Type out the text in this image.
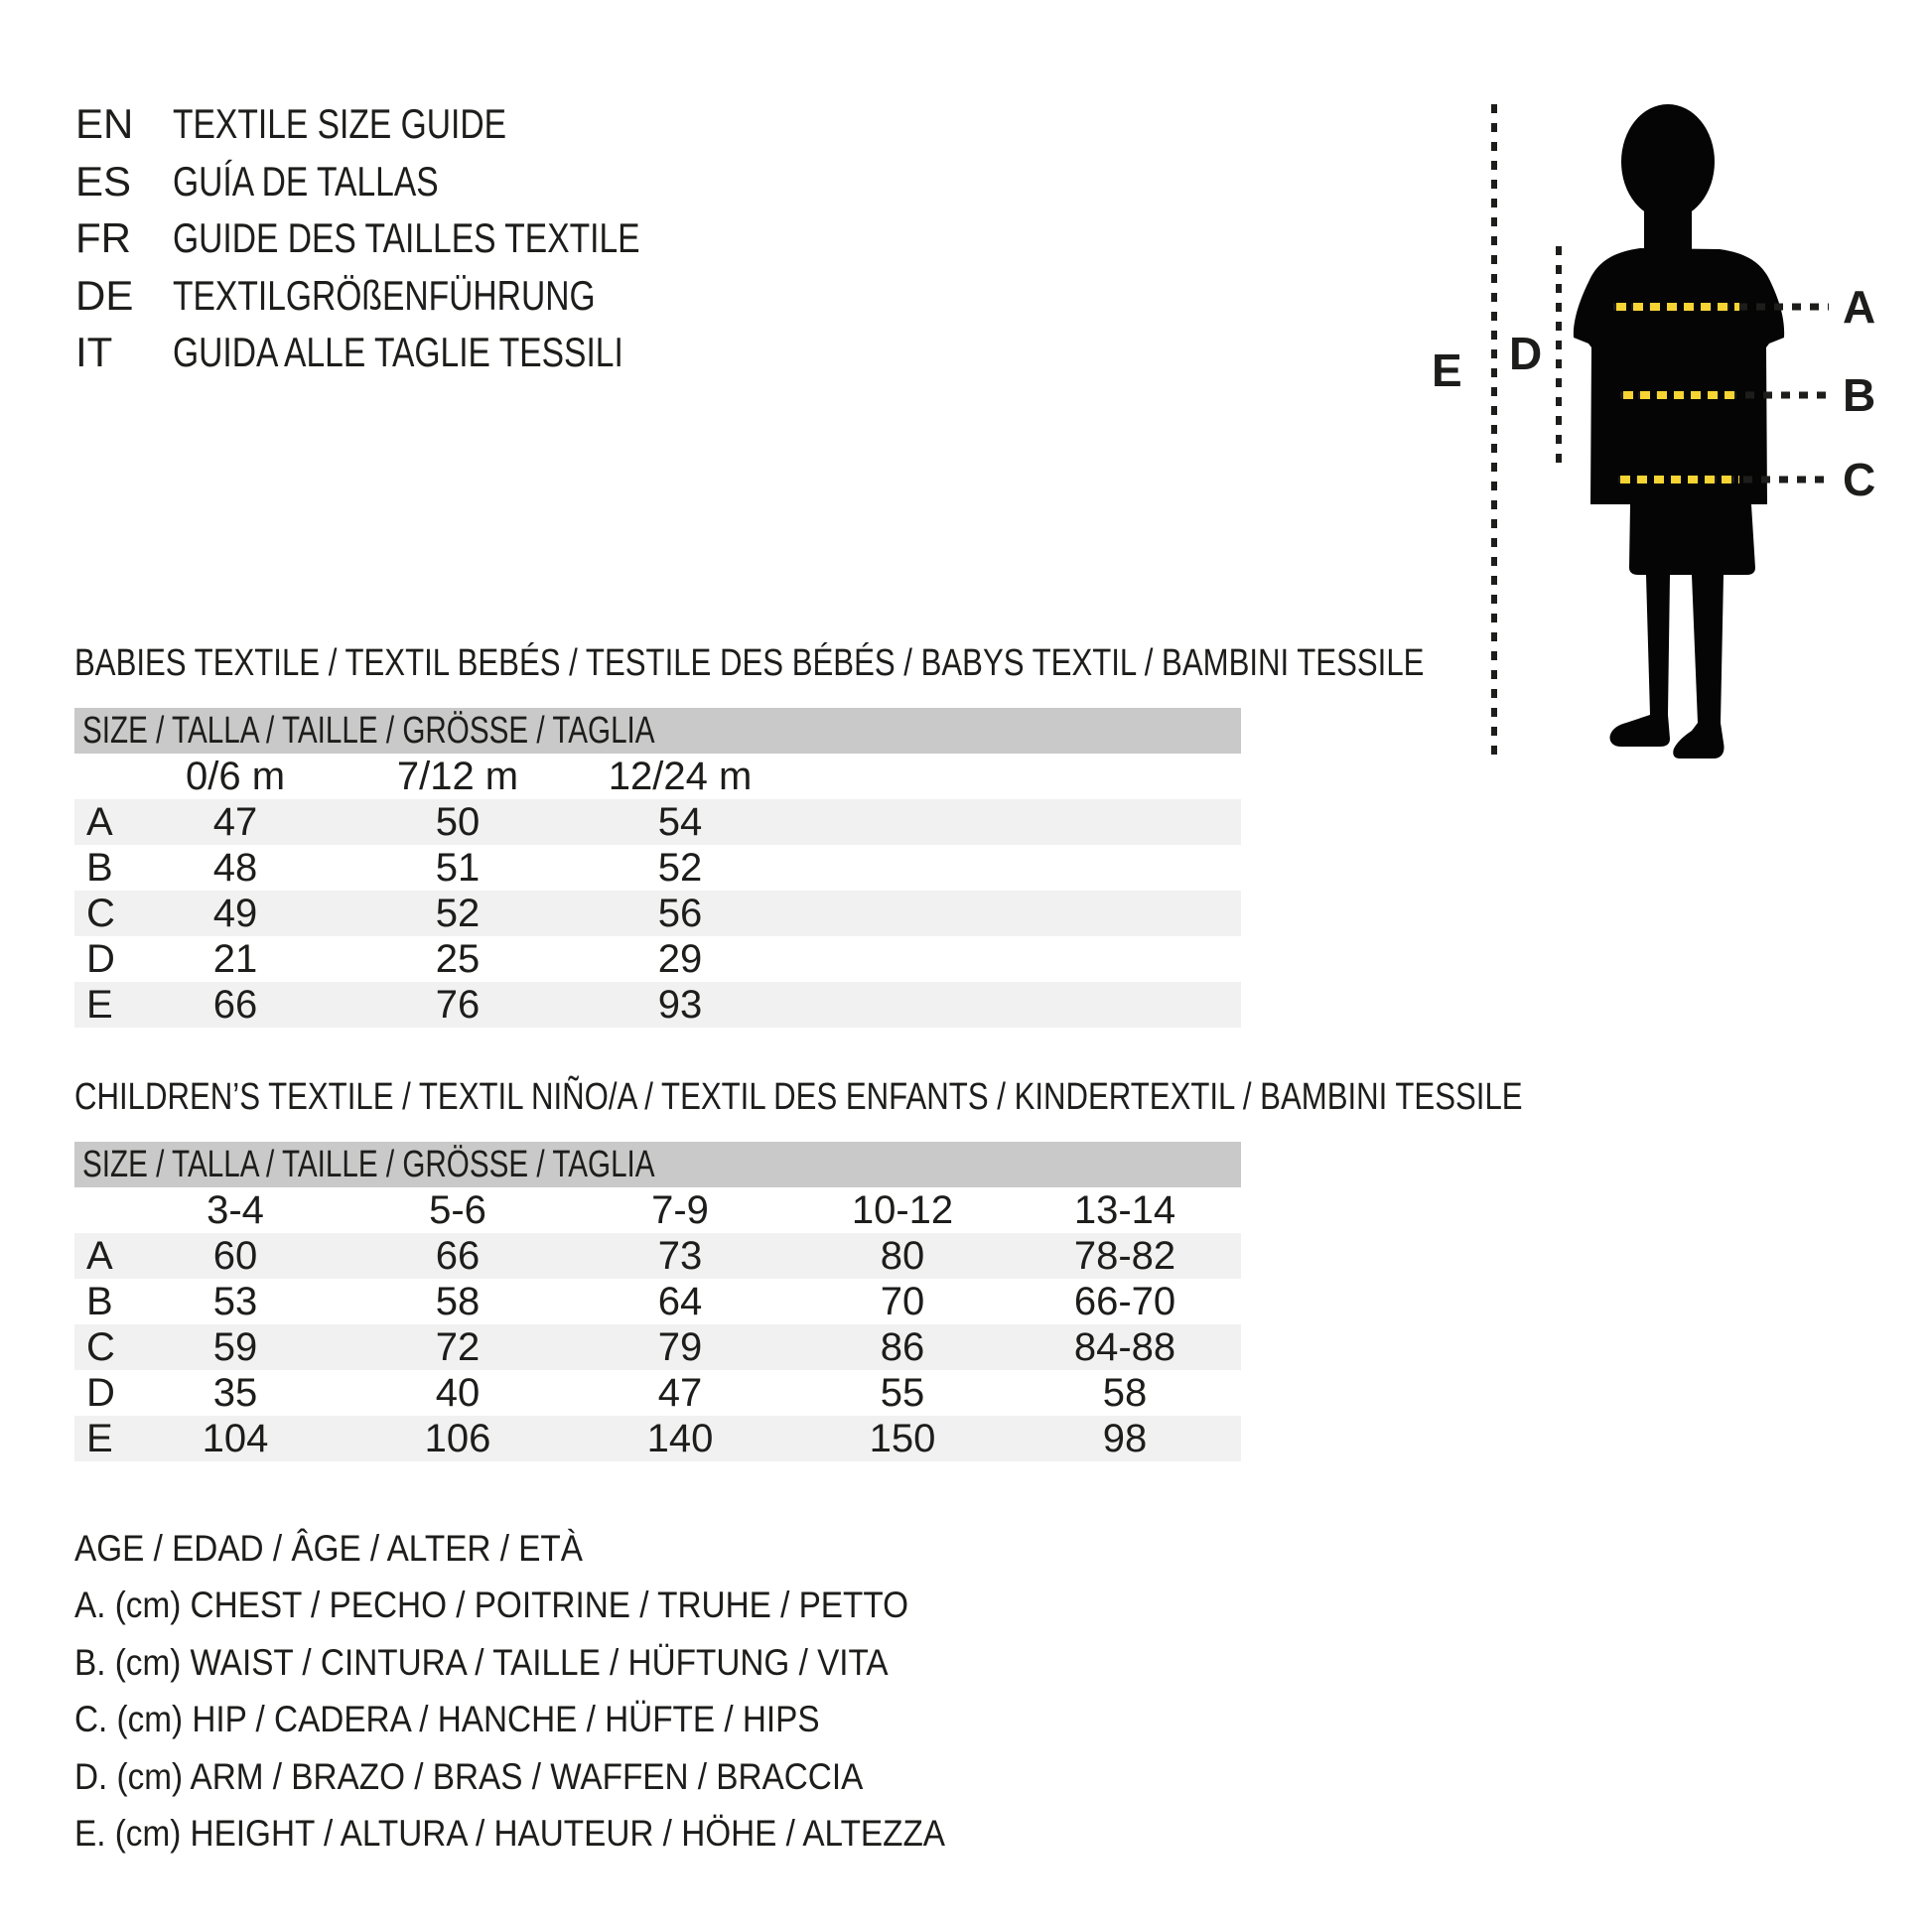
EN TEXTILE SIZE GUIDE
ES GUÍA DE TALLAS
FR	GUIDE DES TAILLES TEXTILE
DE TEXTILGRÖßENFÜHRUNG
IT	GUIDA ALLE TAGLIE TESSILI
A
B
C
D
E
BABIES TEXTILE / TEXTIL BEBÉS / TESTILE DES BÉBÉS / BABYS TEXTIL / BAMBINI TESSILE
SIZE / TALLA / TAILLE / GRÖSSE / TAGLIA
0/6 m	7/12 m	12/24 m
A	47	50	54
B	48	51	52
C	49	52	56
D	21	25	29
E	66	76	93
CHILDREN’S TEXTILE / TEXTIL NIÑO/A / TEXTIL DES ENFANTS / KINDERTEXTIL / BAMBINI TESSILE
SIZE / TALLA / TAILLE / GRÖSSE / TAGLIA
3-4	5-6	7-9	10-12	13-14
A	60	66	73	80	78-82
B	53	58	64	70	66-70
C	59	72	79	86	84-88
D	35	40	47	55	58
E	104	106	140	150	98
AGE / EDAD / ÂGE / ALTER / ETÀ
A. (cm) CHEST / PECHO / POITRINE / TRUHE / PETTO
B. (cm) WAIST / CINTURA / TAILLE / HÜFTUNG / VITA
C. (cm) HIP / CADERA / HANCHE / HÜFTE / HIPS
D. (cm) ARM / BRAZO / BRAS / WAFFEN / BRACCIA
E. (cm) HEIGHT / ALTURA / HAUTEUR / HÖHE / ALTEZZA
